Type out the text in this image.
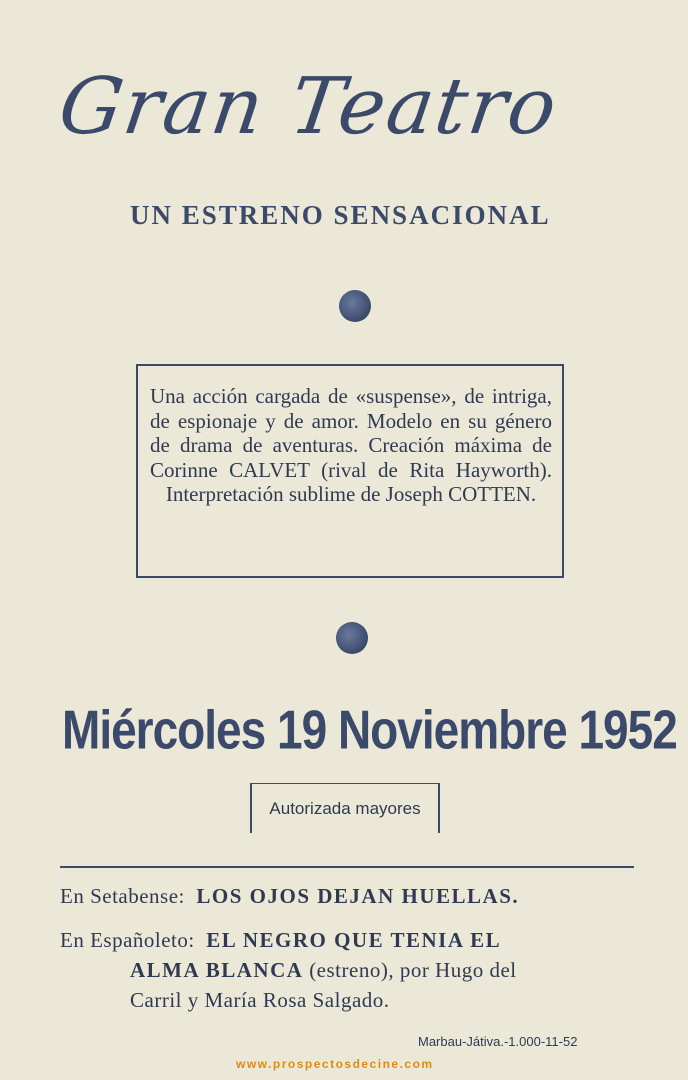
Gran Teatro
UN ESTRENO SENSACIONAL
Una acción cargada de «suspense», de intriga, de espionaje y de amor. Modelo en su género de drama de aventuras. Creación máxima de Corinne CALVET (rival de Rita Hayworth). Interpretación sublime de Joseph COTTEN.
Miércoles 19 Noviembre 1952
Autorizada mayores
En Setabense: LOS OJOS DEJAN HUELLAS.
En Españoleto: EL NEGRO QUE TENIA EL
ALMA BLANCA (estreno), por Hugo del
Carril y María Rosa Salgado.
Marbau-Játiva.-1.000-11-52
www.prospectosdecine.com
